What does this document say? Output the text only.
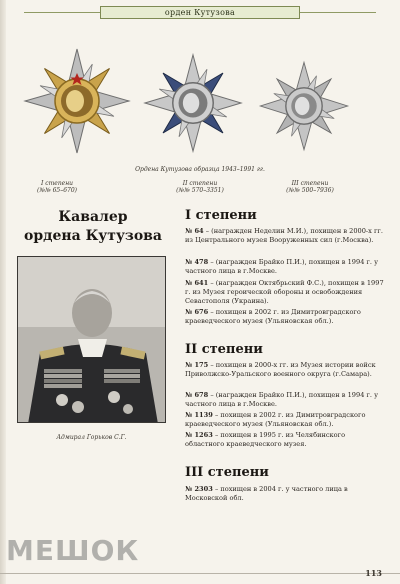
орден Кутузова
I степени
(№№ 65–670)
II степени
(№№ 570–3351)
III степени
(№№ 500–7936)
Ордена Кутузова образца 1943–1991 гг.
Кавалер
ордена Кутузова
Адмирал Горьков С.Г.
I степени
№ 64 – (награжден Неделин М.И.), похищен в 2000-х гг. из Центрального музея Вооруженных сил (г.Москва).
№ 478 – (награжден Брайко П.И.), похищен в 1994 г. у частного лица в г.Москве.
№ 641 – (награжден Октябрьский Ф.С.), похищен в 1997 г. из Музея героической обороны и освобождения Севастополя (Украина).
№ 676 – похищен в 2002 г. из Димитровградского краеведческого музея (Ульяновская обл.).
II степени
№ 175 – похищен в 2000-х гг. из Музея истории войск Приволжско-Уральского военного округа (г.Самара).
№ 678 – (награжден Брайко П.И.), похищен в 1994 г. у частного лица в г.Москве.
№ 1139 – похищен в 2002 г. из Димитровградского краеведческого музея (Ульяновская обл.).
№ 1263 – похищен в 1995 г. из Челябинского областного краеведческого музея.
III степени
№ 2303 – похищен в 2004 г. у частного лица в Московской обл.
МЕШОК
113
